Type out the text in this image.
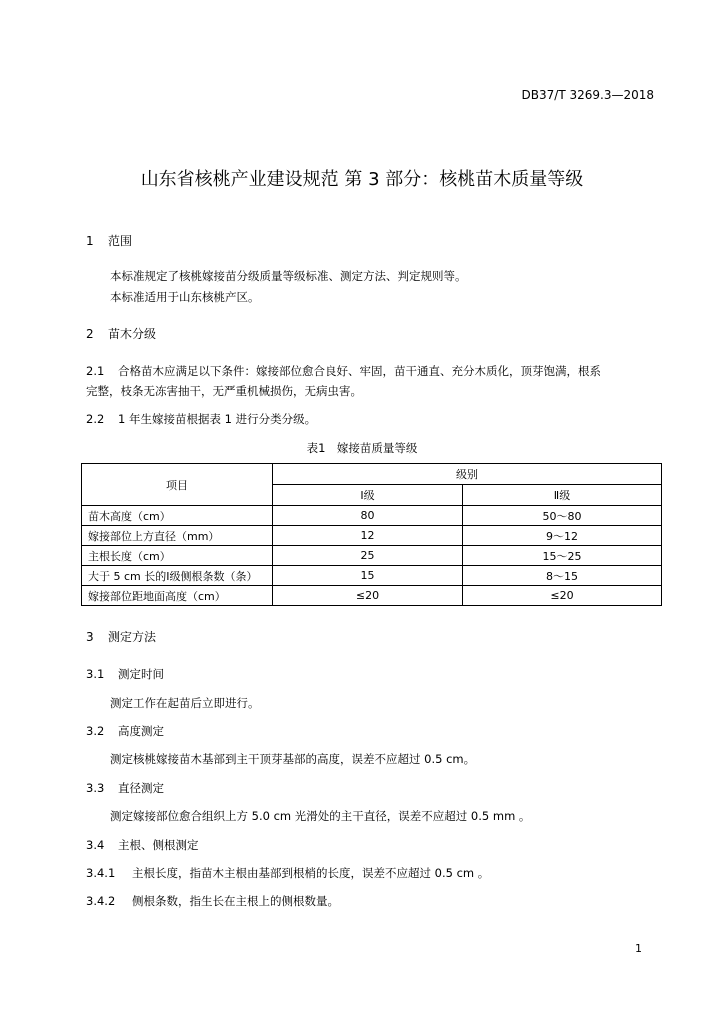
DB37/T 3269.3—2018
山东省核桃产业建设规范 第 3 部分：核桃苗木质量等级
1 范围
本标准规定了核桃嫁接苗分级质量等级标准、测定方法、判定规则等。
本标准适用于山东核桃产区。
2 苗木分级
2.1 合格苗木应满足以下条件：嫁接部位愈合良好、牢固，苗干通直、充分木质化，顶芽饱满，根系
完整，枝条无冻害抽干，无严重机械损伤，无病虫害。
2.2 1 年生嫁接苗根据表 1 进行分类分级。
表1　嫁接苗质量等级
项目	级别	
	Ⅰ级	Ⅱ级
苗木高度（cm）	80	50～80
嫁接部位上方直径（mm）	12	9～12
主根长度（cm）	25	15～25
大于 5 cm 长的Ⅰ级侧根条数（条）	15	8～15
嫁接部位距地面高度（cm）	≤20	≤20
3 测定方法
3.1 测定时间
测定工作在起苗后立即进行。
3.2 高度测定
测定核桃嫁接苗木基部到主干顶芽基部的高度，误差不应超过 0.5 cm。
3.3 直径测定
测定嫁接部位愈合组织上方 5.0 cm 光滑处的主干直径，误差不应超过 0.5 mm 。
3.4 主根、侧根测定
3.4.1 主根长度，指苗木主根由基部到根梢的长度，误差不应超过 0.5 cm 。
3.4.2 侧根条数，指生长在主根上的侧根数量。
1
